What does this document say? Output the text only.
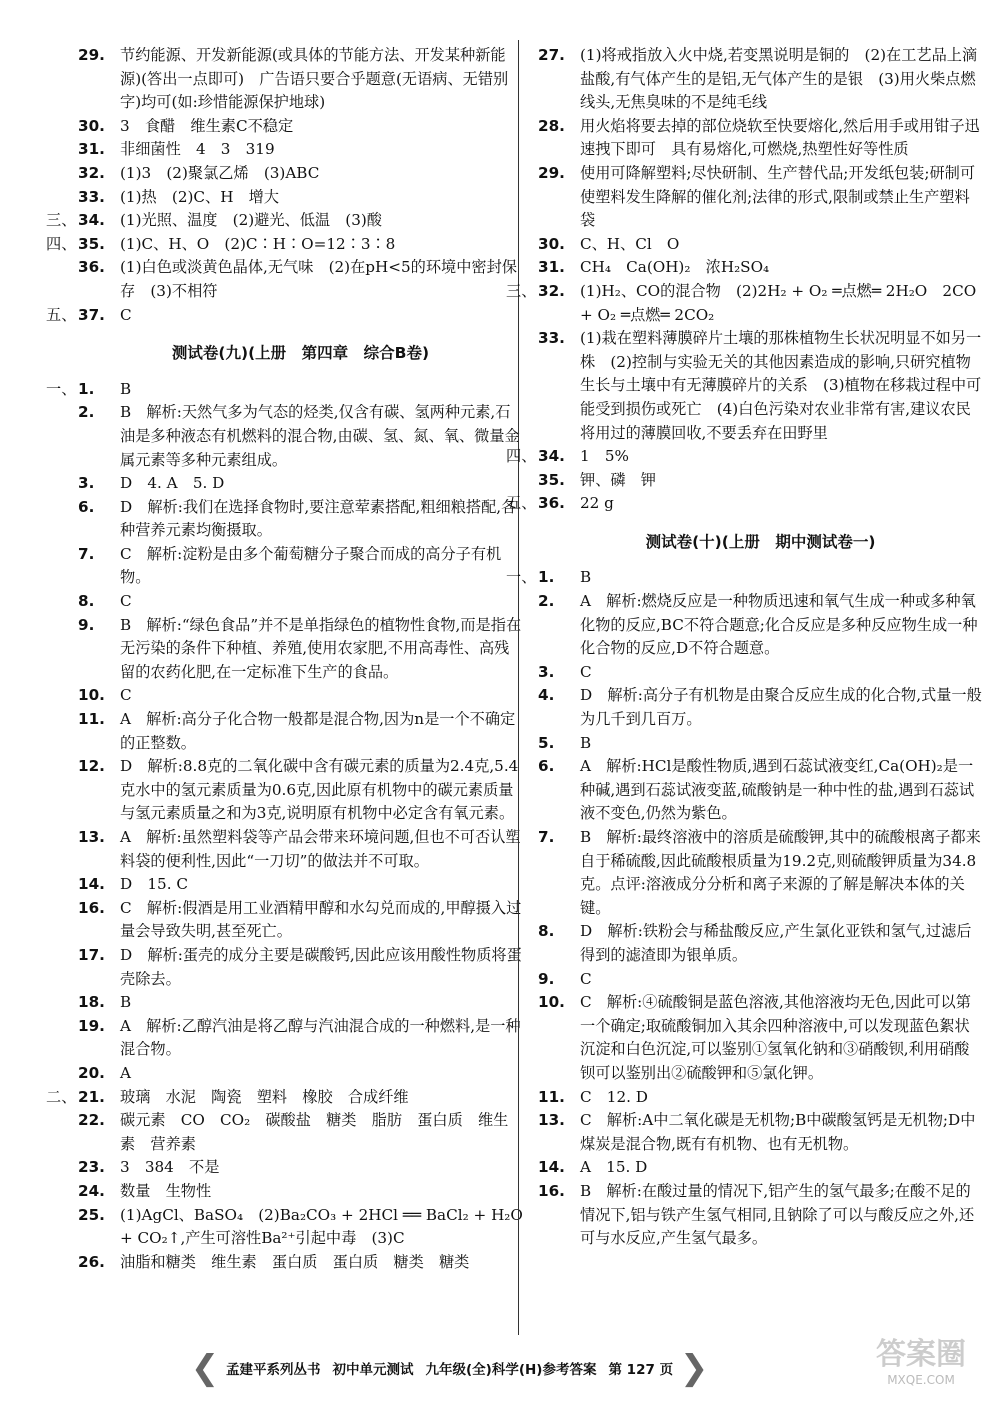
29. 节约能源、开发新能源(或具体的节能方法、开发某种新能源)(答出一点即可)　广告语只要合乎题意(无语病、无错别字)均可(如:珍惜能源保护地球)
30. 3　食醋　维生素C不稳定
31. 非细菌性　4　3　319
32. (1)3　(2)聚氯乙烯　(3)ABC
33. (1)热　(2)C、H　增大
三、 34. (1)光照、温度　(2)避光、低温　(3)酸
四、 35. (1)C、H、O　(2)C∶H∶O=12∶3∶8
36. (1)白色或淡黄色晶体,无气味　(2)在pH<5的环境中密封保存　(3)不相符
五、 37. C
测试卷(九)(上册　第四章　综合B卷)
一、 1. B
2. B　解析:天然气多为气态的烃类,仅含有碳、氢两种元素,石油是多种液态有机燃料的混合物,由碳、氢、氮、氧、微量金属元素等多种元素组成。
3. D　4. A　5. D
6. D　解析:我们在选择食物时,要注意荤素搭配,粗细粮搭配,各种营养元素均衡摄取。
7. C　解析:淀粉是由多个葡萄糖分子聚合而成的高分子有机物。
8. C
9. B　解析:“绿色食品”并不是单指绿色的植物性食物,而是指在无污染的条件下种植、养殖,使用农家肥,不用高毒性、高残留的农药化肥,在一定标准下生产的食品。
10. C
11. A　解析:高分子化合物一般都是混合物,因为n是一个不确定的正整数。
12. D　解析:8.8克的二氧化碳中含有碳元素的质量为2.4克,5.4克水中的氢元素质量为0.6克,因此原有机物中的碳元素质量与氢元素质量之和为3克,说明原有机物中必定含有氧元素。
13. A　解析:虽然塑料袋等产品会带来环境问题,但也不可否认塑料袋的便利性,因此“一刀切”的做法并不可取。
14. D　15. C
16. C　解析:假酒是用工业酒精甲醇和水勾兑而成的,甲醇摄入过量会导致失明,甚至死亡。
17. D　解析:蛋壳的成分主要是碳酸钙,因此应该用酸性物质将蛋壳除去。
18. B
19. A　解析:乙醇汽油是将乙醇与汽油混合成的一种燃料,是一种混合物。
20. A
二、 21. 玻璃　水泥　陶瓷　塑料　橡胶　合成纤维
22. 碳元素　CO　CO₂　碳酸盐　糖类　脂肪　蛋白质　维生素　营养素
23. 3　384　不是
24. 数量　生物性
25. (1)AgCl、BaSO₄　(2)Ba₂CO₃ + 2HCl ══ BaCl₂ + H₂O + CO₂↑,产生可溶性Ba²⁺引起中毒　(3)C
26. 油脂和糖类　维生素　蛋白质　蛋白质　糖类　糖类
27. (1)将戒指放入火中烧,若变黑说明是铜的　(2)在工艺品上滴盐酸,有气体产生的是铝,无气体产生的是银　(3)用火柴点燃线头,无焦臭味的不是纯毛线
28. 用火焰将要去掉的部位烧软至快要熔化,然后用手或用钳子迅速拽下即可　具有易熔化,可燃烧,热塑性好等性质
29. 使用可降解塑料;尽快研制、生产替代品;开发纸包装;研制可使塑料发生降解的催化剂;法律的形式,限制或禁止生产塑料袋
30. C、H、Cl　O
31. CH₄　Ca(OH)₂　浓H₂SO₄
三、 32. (1)H₂、CO的混合物　(2)2H₂ + O₂ ═点燃═ 2H₂O　2CO + O₂ ═点燃═ 2CO₂
33. (1)栽在塑料薄膜碎片土壤的那株植物生长状况明显不如另一株　(2)控制与实验无关的其他因素造成的影响,只研究植物生长与土壤中有无薄膜碎片的关系　(3)植物在移栽过程中可能受到损伤或死亡　(4)白色污染对农业非常有害,建议农民将用过的薄膜回收,不要丢弃在田野里
四、 34. 1　5%
35. 钾、磷　钾
五、 36. 22 g
测试卷(十)(上册　期中测试卷一)
一、 1. B
2. A　解析:燃烧反应是一种物质迅速和氧气生成一种或多种氧化物的反应,BC不符合题意;化合反应是多种反应物生成一种化合物的反应,D不符合题意。
3. C
4. D　解析:高分子有机物是由聚合反应生成的化合物,式量一般为几千到几百万。
5. B
6. A　解析:HCl是酸性物质,遇到石蕊试液变红,Ca(OH)₂是一种碱,遇到石蕊试液变蓝,硫酸钠是一种中性的盐,遇到石蕊试液不变色,仍然为紫色。
7. B　解析:最终溶液中的溶质是硫酸钾,其中的硫酸根离子都来自于稀硫酸,因此硫酸根质量为19.2克,则硫酸钾质量为34.8克。点评:溶液成分分析和离子来源的了解是解决本体的关键。
8. D　解析:铁粉会与稀盐酸反应,产生氯化亚铁和氢气,过滤后得到的滤渣即为银单质。
9. C
10. C　解析:④硫酸铜是蓝色溶液,其他溶液均无色,因此可以第一个确定;取硫酸铜加入其余四种溶液中,可以发现蓝色絮状沉淀和白色沉淀,可以鉴别①氢氧化钠和③硝酸钡,利用硝酸钡可以鉴别出②硫酸钾和⑤氯化钾。
11. C　12. D
13. C　解析:A中二氧化碳是无机物;B中碳酸氢钙是无机物;D中煤炭是混合物,既有有机物、也有无机物。
14. A　15. D
16. B　解析:在酸过量的情况下,铝产生的氢气最多;在酸不足的情况下,铝与铁产生氢气相同,且钠除了可以与酸反应之外,还可与水反应,产生氢气最多。
❮ 孟建平系列丛书 初中单元测试 九年级(全)科学(H)参考答案 第 127 页 ❯	答案圈
MXQE.COM
